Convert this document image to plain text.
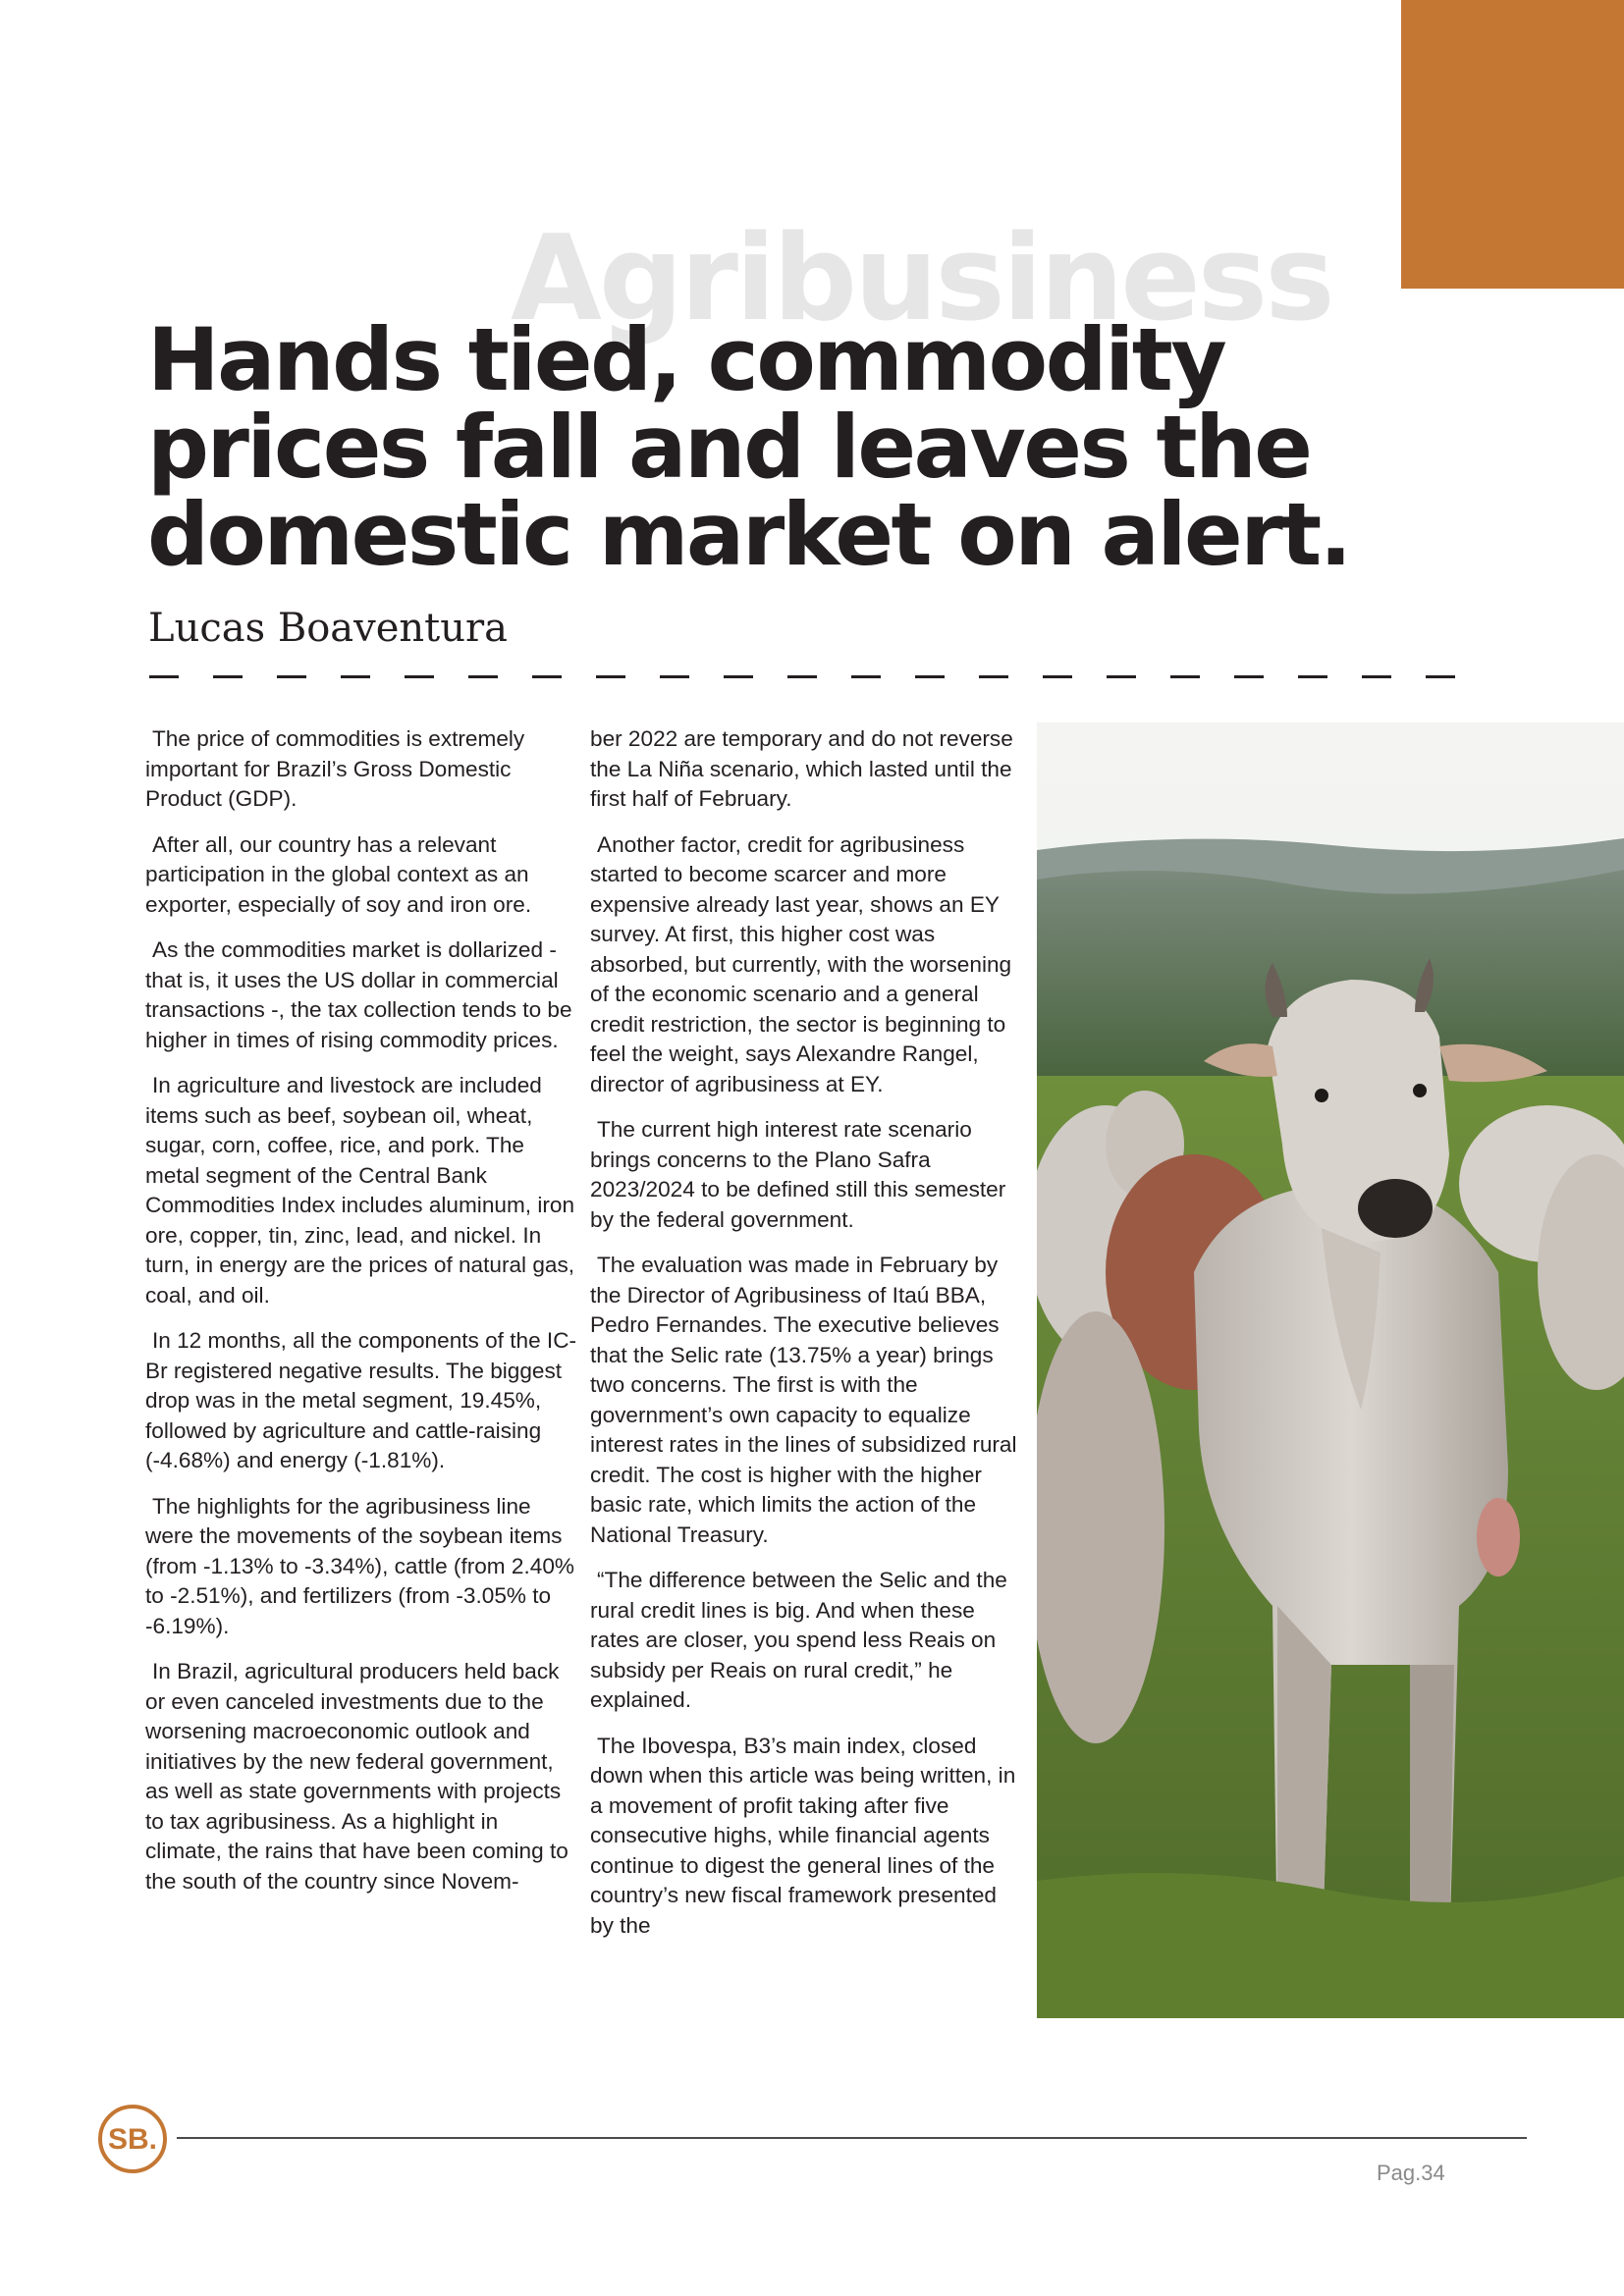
Agribusiness
Hands tied, commodity prices fall and leaves the domestic market on alert.
Lucas Boaventura

The price of commodities is extremely important for Brazil’s Gross Domestic Product (GDP).

After all, our country has a relevant participation in the global context as an exporter, especially of soy and iron ore.

As the commodities market is dollarized - that is, it uses the US dollar in commercial transactions -, the tax collection tends to be higher in times of rising commodity prices.

In agriculture and livestock are included items such as beef, soybean oil, wheat, sugar, corn, coffee, rice, and pork. The metal segment of the Central Bank Commodities Index includes aluminum, iron ore, copper, tin, zinc, lead, and nickel. In turn, in energy are the prices of natural gas, coal, and oil.

In 12 months, all the components of the IC-Br registered negative results. The biggest drop was in the metal segment, 19.45%, followed by agriculture and cattle-raising (-4.68%) and energy (-1.81%).

The highlights for the agribusiness line were the movements of the soybean items (from -1.13% to -3.34%), cattle (from 2.40% to -2.51%), and fertilizers (from -3.05% to -6.19%).

In Brazil, agricultural producers held back or even canceled investments due to the worsening macroeconomic outlook and initiatives by the new federal government, as well as state governments with projects to tax agribusiness. As a highlight in climate, the rains that have been coming to the south of the country since Novem-

ber 2022 are temporary and do not reverse the La Niña scenario, which lasted until the first half of February.

Another factor, credit for agribusiness started to become scarcer and more expensive already last year, shows an EY survey. At first, this higher cost was absorbed, but currently, with the worsening of the economic scenario and a general credit restriction, the sector is beginning to feel the weight, says Alexandre Rangel, director of agribusiness at EY.

The current high interest rate scenario brings concerns to the Plano Safra 2023/2024 to be defined still this semester by the federal government.

The evaluation was made in February by the Director of Agribusiness of Itaú BBA, Pedro Fernandes. The executive believes that the Selic rate (13.75% a year) brings two concerns. The first is with the government’s own capacity to equalize interest rates in the lines of subsidized rural credit. The cost is higher with the higher basic rate, which limits the action of the National Treasury.

“The difference between the Selic and the rural credit lines is big. And when these rates are closer, you spend less Reais on subsidy per Reais on rural credit,” he explained.

The Ibovespa, B3’s main index, closed down when this article was being written, in a movement of profit taking after five consecutive highs, while financial agents continue to digest the general lines of the country’s new fiscal framework presented by the

SB.
Pag.34
